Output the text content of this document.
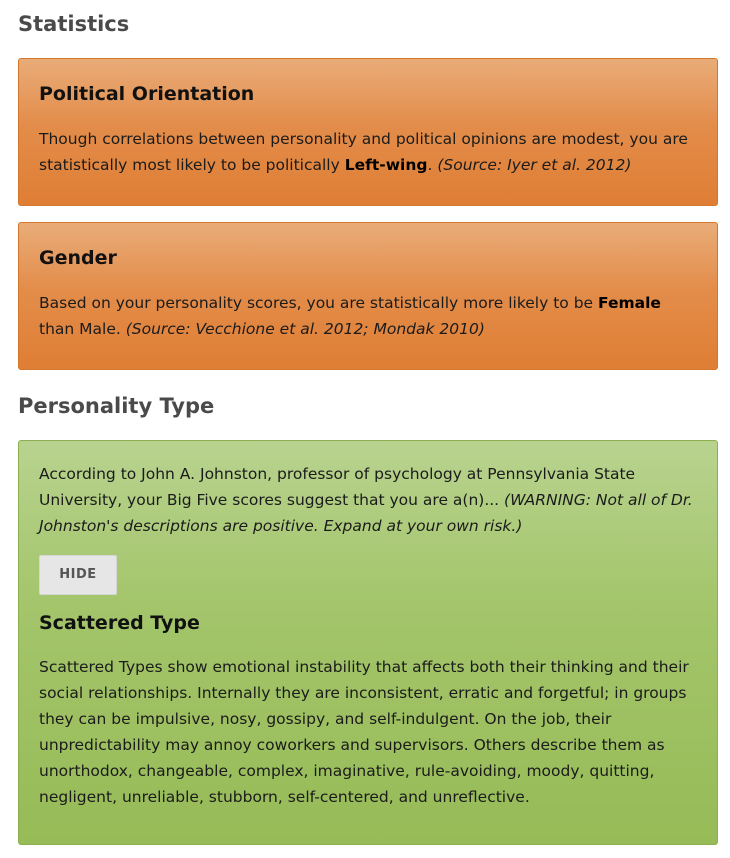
Statistics
Political Orientation

Though correlations between personality and political opinions are modest, you are statistically most likely to be politically Left-wing. (Source: Iyer et al. 2012)

Gender

Based on your personality scores, you are statistically more likely to be Female than Male. (Source: Vecchione et al. 2012; Mondak 2010)

Personality Type

According to John A. Johnston, professor of psychology at Pennsylvania State University, your Big Five scores suggest that you are a(n)... (WARNING: Not all of Dr. Johnston's descriptions are positive. Expand at your own risk.)

HIDE
Scattered Type

Scattered Types show emotional instability that affects both their thinking and their social relationships. Internally they are inconsistent, erratic and forgetful; in groups they can be impulsive, nosy, gossipy, and self-indulgent. On the job, their unpredictability may annoy coworkers and supervisors. Others describe them as unorthodox, changeable, complex, imaginative, rule-avoiding, moody, quitting, negligent, unreliable, stubborn, self-centered, and unreflective.
